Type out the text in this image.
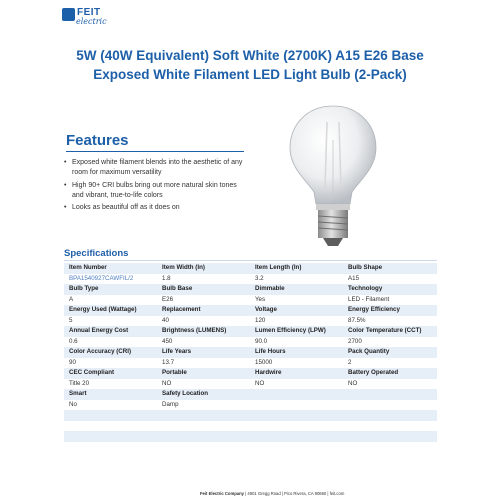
FEIT
electric
5W (40W Equivalent) Soft White (2700K) A15 E26 Base
Exposed White Filament LED Light Bulb (2-Pack)
Features
• Exposed white filament blends into the aesthetic of any room for maximum versatility
• High 90+ CRI bulbs bring out more natural skin tones and vibrant, true-to-life colors
• Looks as beautiful off as it does on
Specifications
Item Number	Item Width (In)	Item Length (In)	Bulb Shape
BPA1540927CAWFIL/2	1.8	3.2	A15
Bulb Type	Bulb Base	Dimmable	Technology
A	E26	Yes	LED - Filament
Energy Used (Wattage)	Replacement	Voltage	Energy Efficiency
5	40	120	87.5%
Annual Energy Cost	Brightness (LUMENS)	Lumen Efficiency (LPW)	Color Temperature (CCT)
0.6	450	90.0	2700
Color Accuracy (CRI)	Life Years	Life Hours	Pack Quantity
90	13.7	15000	2
CEC Compliant	Portable	Hardwire	Battery Operated
Title 20	NO	NO	NO
Smart	Safety Location
No	Damp
Feit Electric Company | 4901 Gregg Road | Pico Rivera, CA 90660 | feit.com
